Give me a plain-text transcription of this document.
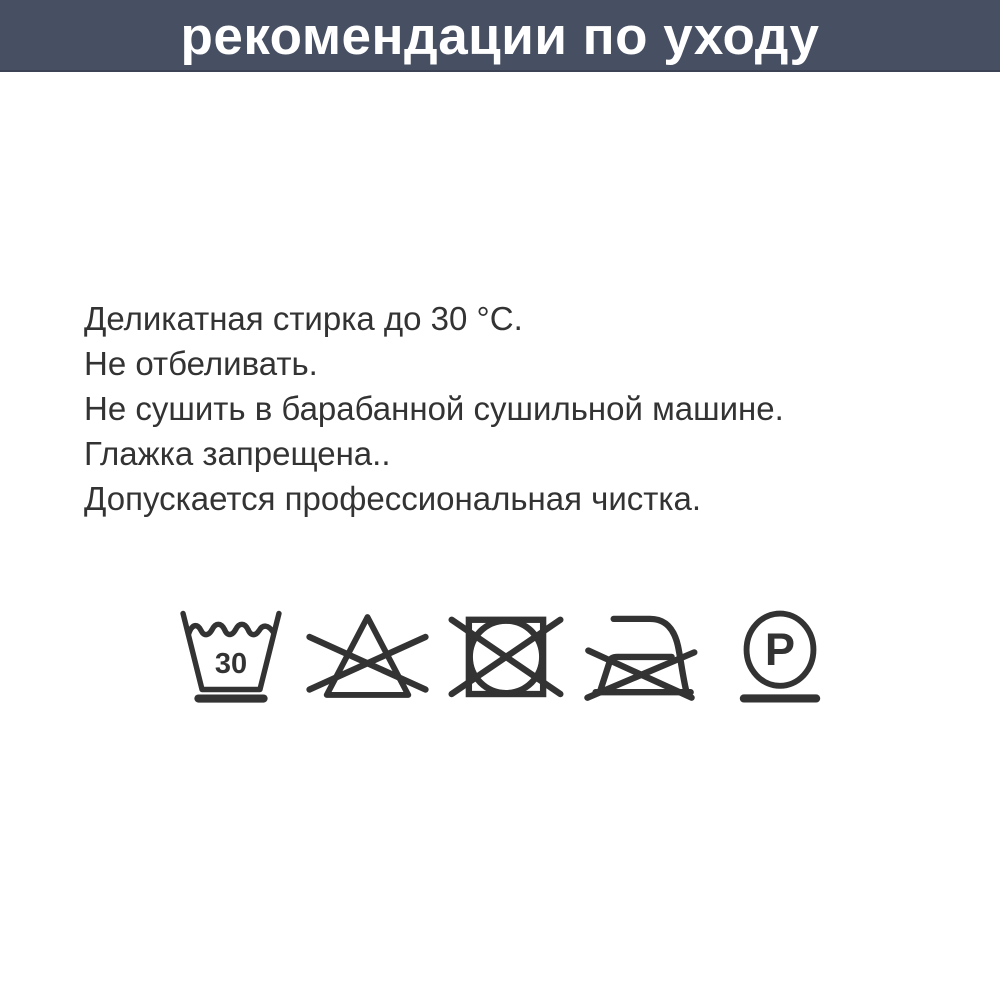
рекомендации по уходу

Деликатная стирка до 30 °C.

Не отбеливать.

Не сушить в барабанной сушильной машине.

Глажка запрещена..

Допускается профессиональная чистка.

30	P
